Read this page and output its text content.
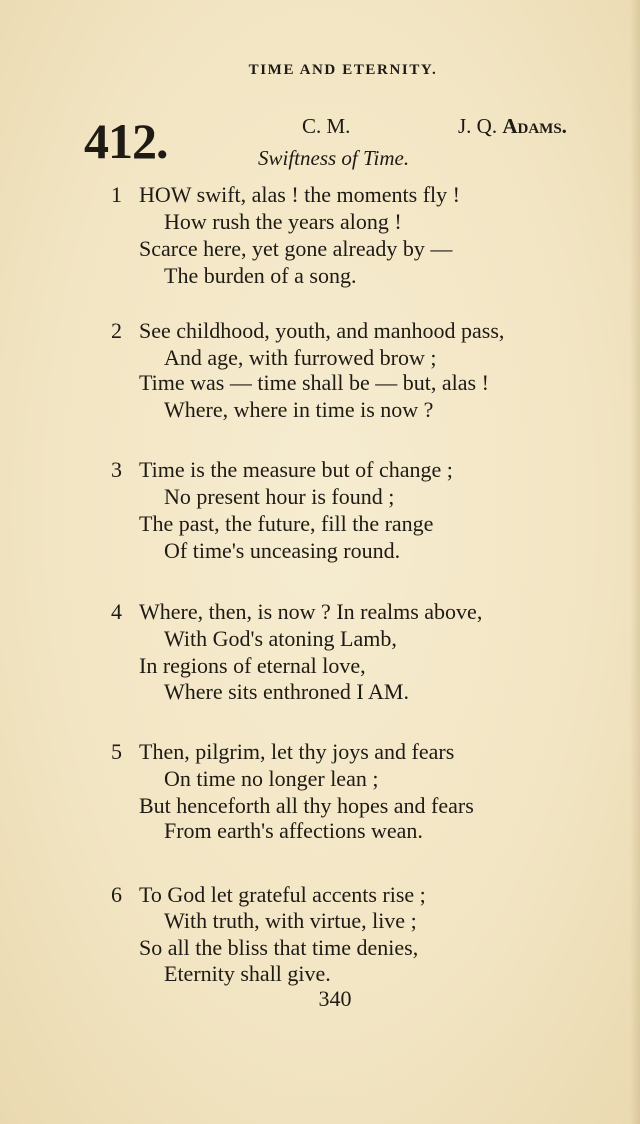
TIME AND ETERNITY.
412.	C. M.	J. Q. Adams.
Swiftness of Time.
1 HOW swift, alas ! the moments fly !
How rush the years along !
Scarce here, yet gone already by —
The burden of a song.
2 See childhood, youth, and manhood pass,
And age, with furrowed brow ;
Time was — time shall be — but, alas !
Where, where in time is now ?
3 Time is the measure but of change ;
No present hour is found ;
The past, the future, fill the range
Of time's unceasing round.
4 Where, then, is now ? In realms above,
With God's atoning Lamb,
In regions of eternal love,
Where sits enthroned I AM.
5 Then, pilgrim, let thy joys and fears
On time no longer lean ;
But henceforth all thy hopes and fears
From earth's affections wean.
6 To God let grateful accents rise ;
With truth, with virtue, live ;
So all the bliss that time denies,
Eternity shall give.
340
